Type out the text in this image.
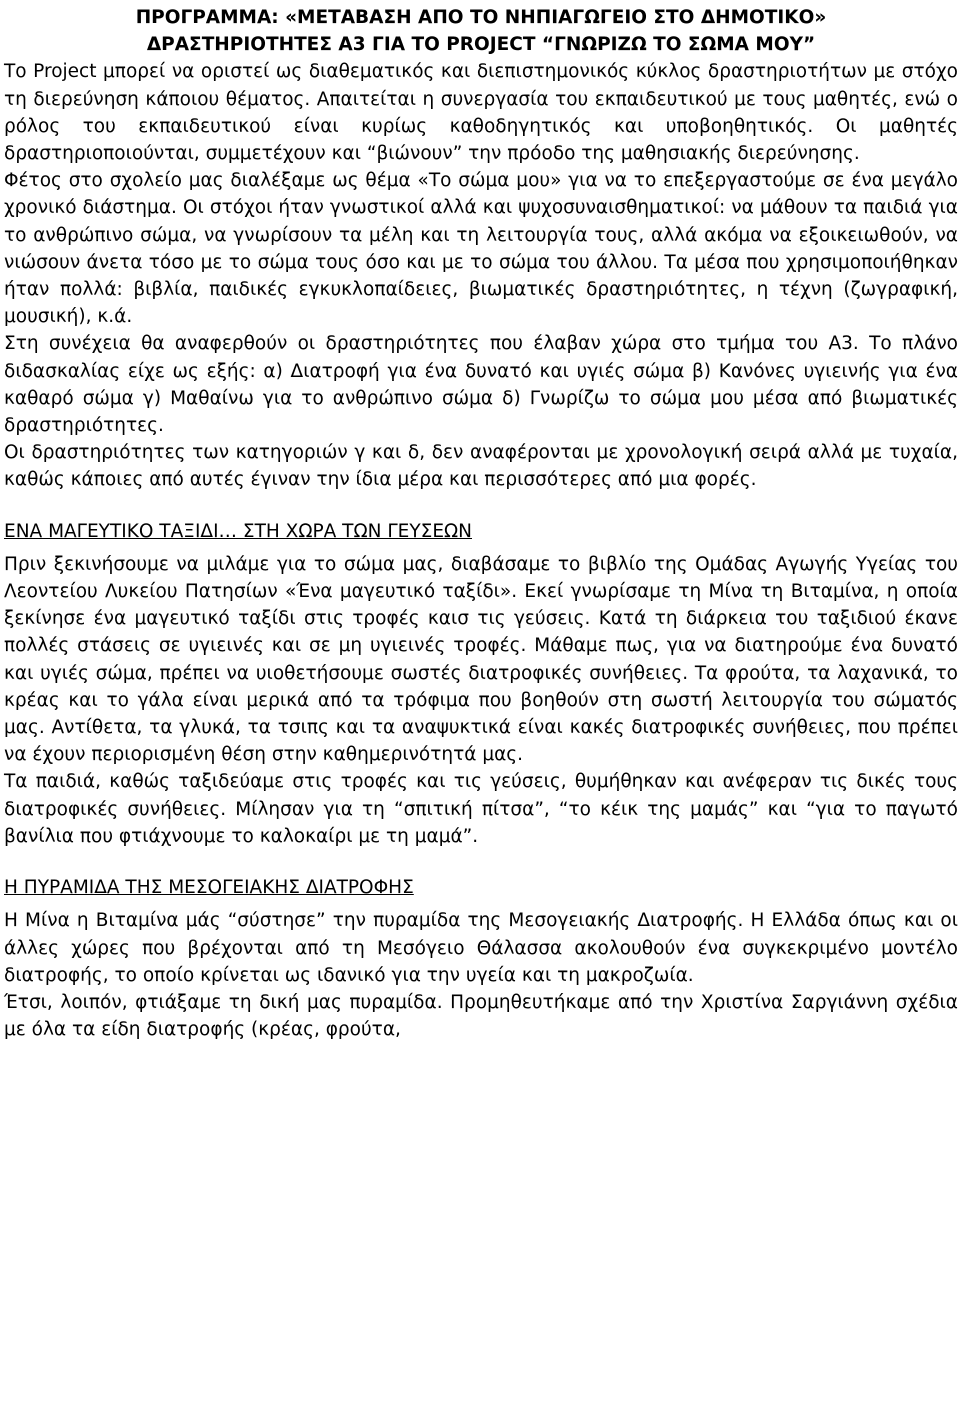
ΠΡΟΓΡΑΜΜΑ: «ΜΕΤΑΒΑΣΗ ΑΠΟ ΤΟ ΝΗΠΙΑΓΩΓΕΙΟ ΣΤΟ ΔΗΜΟΤΙΚΟ»

ΔΡΑΣΤΗΡΙΟΤΗΤΕΣ Α3 ΓΙΑ ΤΟ PROJECT “ΓΝΩΡΙΖΩ ΤΟ ΣΩΜΑ ΜΟΥ”

Το Project μπορεί να οριστεί ως διαθεματικός και διεπιστημονικός κύκλος δραστηριοτήτων με στόχο τη διερεύνηση κάποιου θέματος. Απαιτείται η συνεργασία του εκπαιδευτικού με τους μαθητές, ενώ ο ρόλος του εκπαιδευτικού είναι κυρίως καθοδηγητικός και υποβοηθητικός. Οι μαθητές δραστηριοποιούνται, συμμετέχουν και “βιώνουν” την πρόοδο της μαθησιακής διερεύνησης.

Φέτος στο σχολείο μας διαλέξαμε ως θέμα «Το σώμα μου» για να το επεξεργαστούμε σε ένα μεγάλο χρονικό διάστημα. Οι στόχοι ήταν γνωστικοί αλλά και ψυχοσυναισθηματικοί: να μάθουν τα παιδιά για το ανθρώπινο σώμα, να γνωρίσουν τα μέλη και τη λειτουργία τους, αλλά ακόμα να εξοικειωθούν, να νιώσουν άνετα τόσο με το σώμα τους όσο και με το σώμα του άλλου. Τα μέσα που χρησιμοποιήθηκαν ήταν πολλά: βιβλία, παιδικές εγκυκλοπαίδειες, βιωματικές δραστηριότητες, η τέχνη (ζωγραφική, μουσική), κ.ά.

Στη συνέχεια θα αναφερθούν οι δραστηριότητες που έλαβαν χώρα στο τμήμα του Α3. Το πλάνο διδασκαλίας είχε ως εξής: α) Διατροφή για ένα δυνατό και υγιές σώμα β) Κανόνες υγιεινής για ένα καθαρό σώμα γ) Μαθαίνω για το ανθρώπινο σώμα δ) Γνωρίζω το σώμα μου μέσα από βιωματικές δραστηριότητες.

Οι δραστηριότητες των κατηγοριών γ και δ, δεν αναφέρονται με χρονολογική σειρά αλλά με τυχαία, καθώς κάποιες από αυτές έγιναν την ίδια μέρα και περισσότερες από μια φορές.

ΕΝΑ ΜΑΓΕΥΤΙΚΟ ΤΑΞΙΔΙ… ΣΤΗ ΧΩΡΑ ΤΩΝ ΓΕΥΣΕΩΝ

Πριν ξεκινήσουμε να μιλάμε για το σώμα μας, διαβάσαμε το βιβλίο της Ομάδας Αγωγής Υγείας του Λεοντείου Λυκείου Πατησίων «Ένα μαγευτικό ταξίδι». Εκεί γνωρίσαμε τη Μίνα τη Βιταμίνα, η οποία ξεκίνησε ένα μαγευτικό ταξίδι στις τροφές καισ τις γεύσεις. Κατά τη διάρκεια του ταξιδιού έκανε πολλές στάσεις σε υγιεινές και σε μη υγιεινές τροφές. Μάθαμε πως, για να διατηρούμε ένα δυνατό και υγιές σώμα, πρέπει να υιοθετήσουμε σωστές διατροφικές συνήθειες. Τα φρούτα, τα λαχανικά, το κρέας και το γάλα είναι μερικά από τα τρόφιμα που βοηθούν στη σωστή λειτουργία του σώματός μας. Αντίθετα, τα γλυκά, τα τσιπς και τα αναψυκτικά είναι κακές διατροφικές συνήθειες, που πρέπει να έχουν περιορισμένη θέση στην καθημερινότητά μας.

Τα παιδιά, καθώς ταξιδεύαμε στις τροφές και τις γεύσεις, θυμήθηκαν και ανέφεραν τις δικές τους διατροφικές συνήθειες. Μίλησαν για τη “σπιτική πίτσα”, “το κέικ της μαμάς” και “για το παγωτό βανίλια που φτιάχνουμε το καλοκαίρι με τη μαμά”.

Η ΠΥΡΑΜΙΔΑ ΤΗΣ ΜΕΣΟΓΕΙΑΚΗΣ ΔΙΑΤΡΟΦΗΣ

Η Μίνα η Βιταμίνα μάς “σύστησε” την πυραμίδα της Μεσογειακής Διατροφής. Η Ελλάδα όπως και οι άλλες χώρες που βρέχονται από τη Μεσόγειο Θάλασσα ακολουθούν ένα συγκεκριμένο μοντέλο διατροφής, το οποίο κρίνεται ως ιδανικό για την υγεία και τη μακροζωία.

Έτσι, λοιπόν, φτιάξαμε τη δική μας πυραμίδα. Προμηθευτήκαμε από την Χριστίνα Σαργιάννη σχέδια με όλα τα είδη διατροφής (κρέας, φρούτα,
